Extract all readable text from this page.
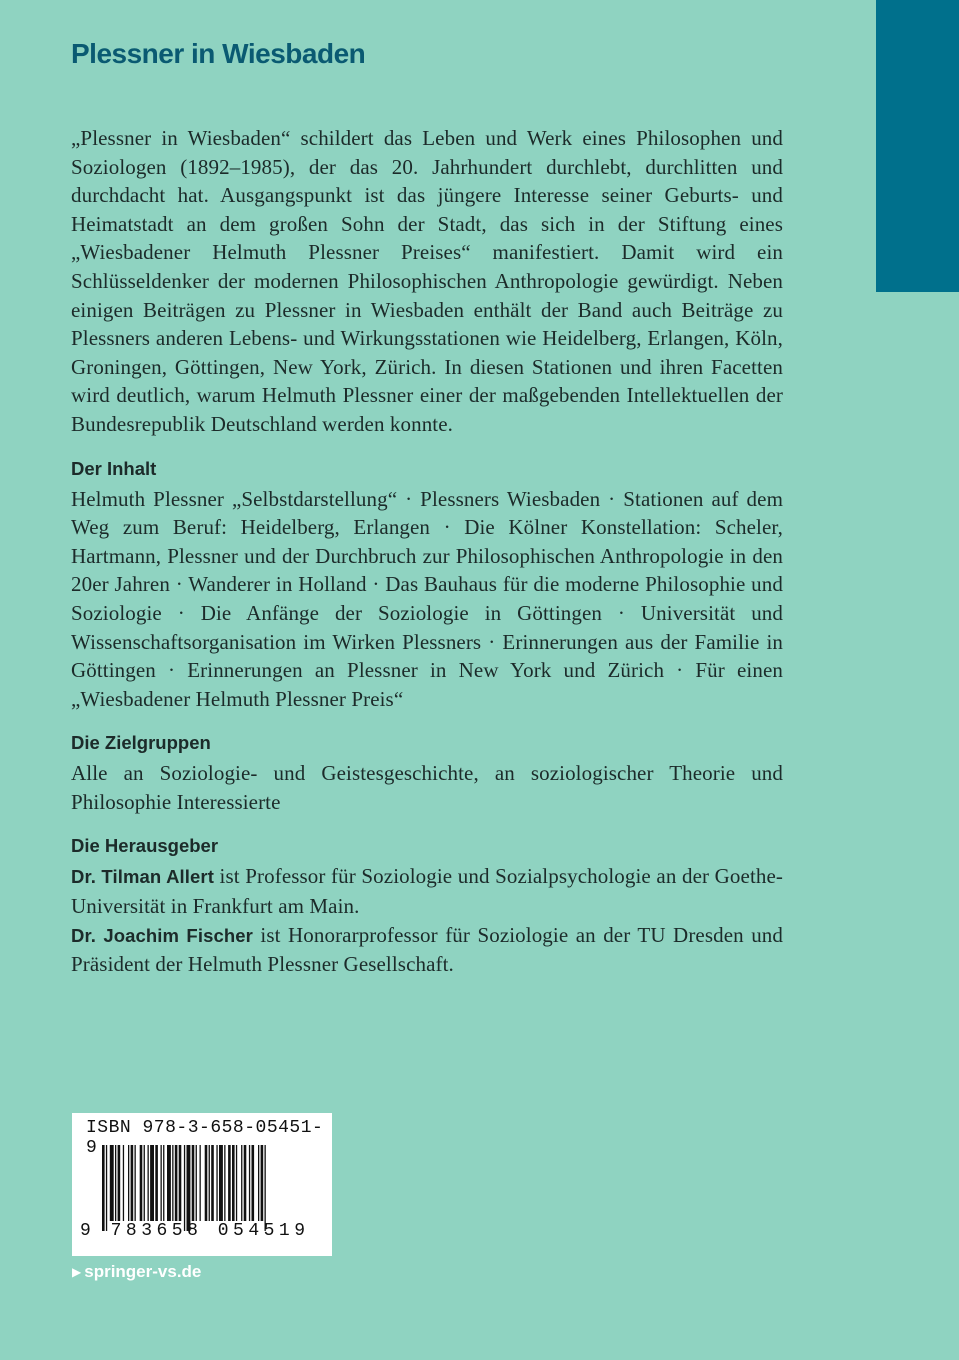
Plessner in Wiesbaden

„Plessner in Wiesbaden“ schildert das Leben und Werk eines Philosophen und Soziologen (1892–1985), der das 20. Jahrhundert durchlebt, durchlitten und durchdacht hat. Ausgangspunkt ist das jüngere Interesse seiner Geburts- und Heimatstadt an dem großen Sohn der Stadt, das sich in der Stiftung eines „Wiesbadener Helmuth Plessner Preises“ manifestiert. Damit wird ein Schlüsseldenker der modernen Philosophischen Anthropologie gewürdigt. Neben einigen Beiträgen zu Plessner in Wiesbaden enthält der Band auch Beiträge zu Plessners anderen Lebens- und Wirkungsstationen wie Heidelberg, Erlangen, Köln, Groningen, Göttingen, New York, Zürich. In diesen Stationen und ihren Facetten wird deutlich, warum Helmuth Plessner einer der maßgebenden Intellektuellen der Bundesrepublik Deutschland werden konnte.

Der Inhalt

Helmuth Plessner „Selbstdarstellung“ · Plessners Wiesbaden · Stationen auf dem Weg zum Beruf: Heidelberg, Erlangen · Die Kölner Konstellation: Scheler, Hartmann, Plessner und der Durchbruch zur Philosophischen Anthropologie in den 20er Jahren · Wanderer in Holland · Das Bauhaus für die moderne Philosophie und Soziologie · Die Anfänge der Soziologie in Göttingen · Universität und Wissenschaftsorganisation im Wirken Plessners · Erinnerungen aus der Familie in Göttingen · Erinnerungen an Plessner in New York und Zürich · Für einen „Wiesbadener Helmuth Plessner Preis“

Die Zielgruppen

Alle an Soziologie- und Geistesgeschichte, an soziologischer Theorie und Philosophie Interessierte

Die Herausgeber

Dr. Tilman Allert ist Professor für Soziologie und Sozialpsychologie an der Goethe-Universität in Frankfurt am Main.

Dr. Joachim Fischer ist Honorarprofessor für Soziologie an der TU Dresden und Präsident der Helmuth Plessner Gesellschaft.

ISBN 978-3-658-05451-9
9 783658 054519
▶ springer-vs.de
